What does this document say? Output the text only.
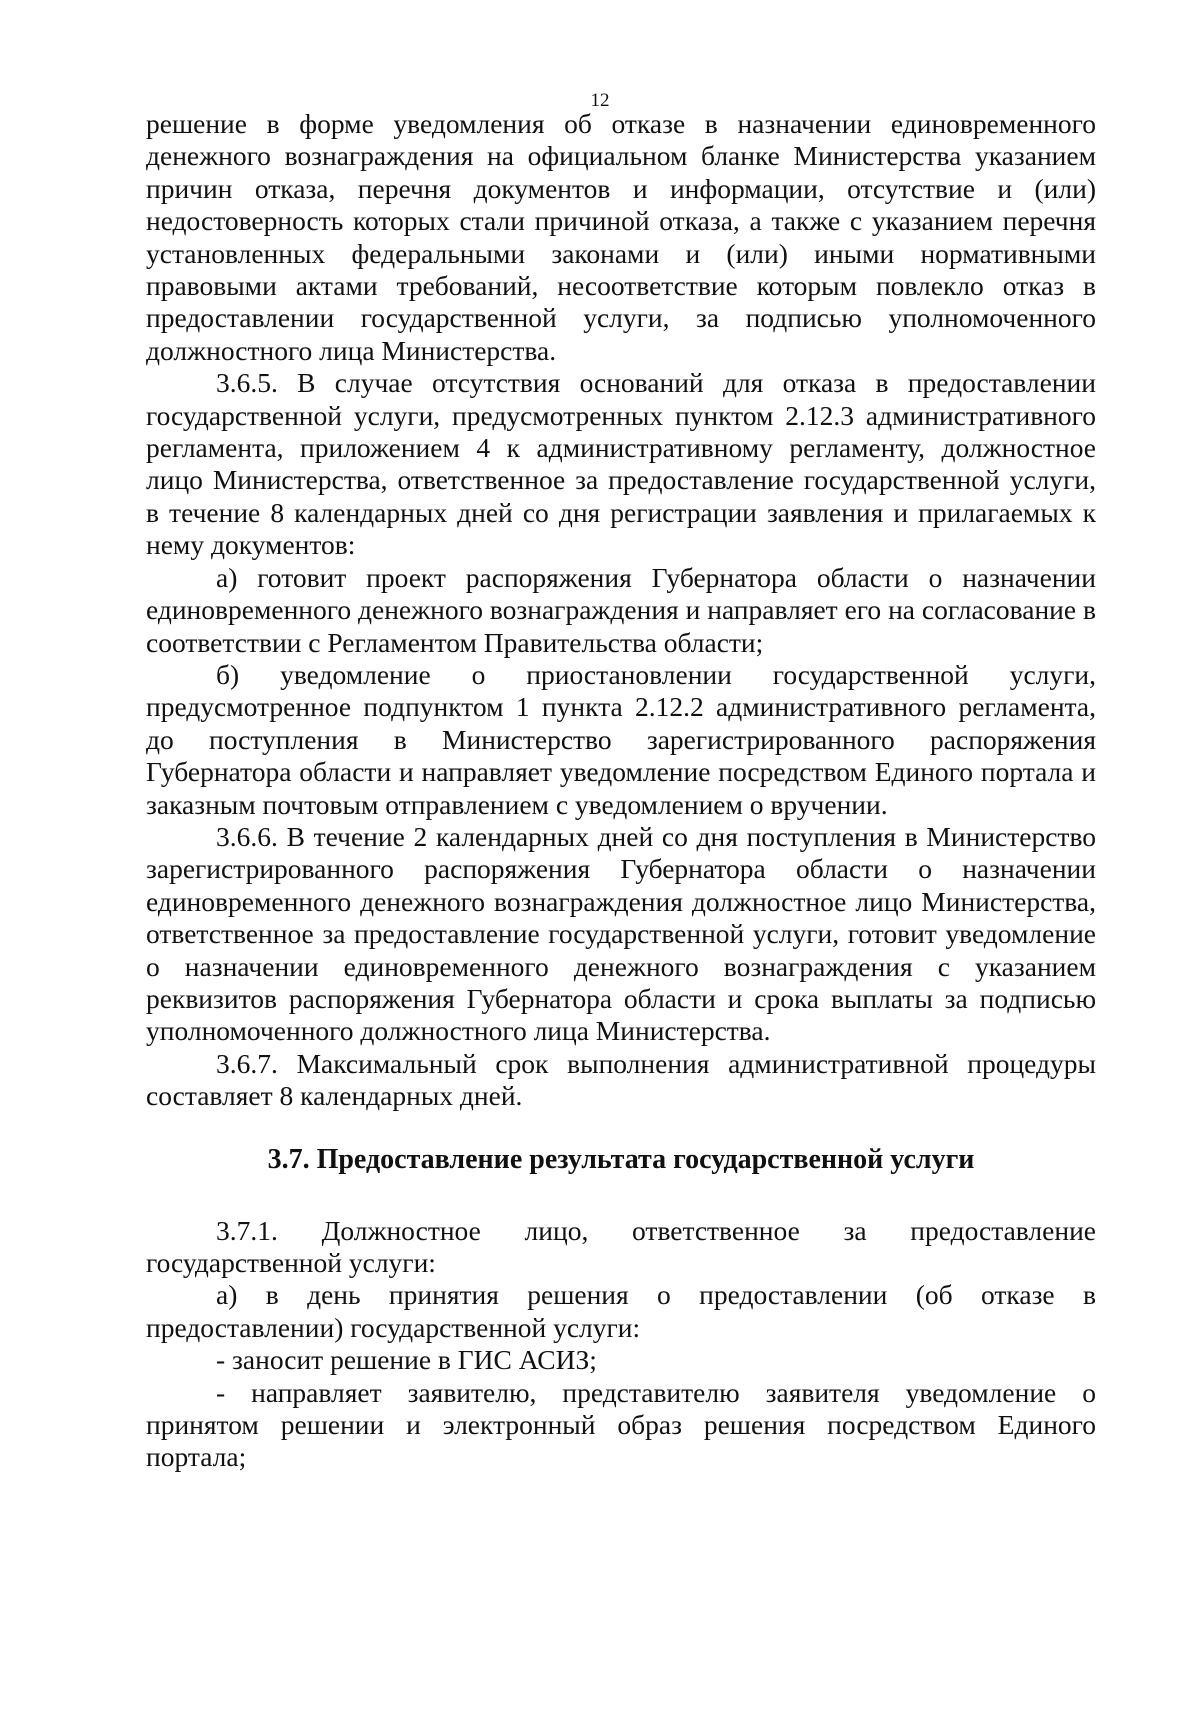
12

решение в форме уведомления об отказе в назначении единовременного денежного вознаграждения на официальном бланке Министерства указанием причин отказа, перечня документов и информации, отсутствие и (или) недостоверность которых стали причиной отказа, а также с указанием перечня установленных федеральными законами и (или) иными нормативными правовыми актами требований, несоответствие которым повлекло отказ в предоставлении государственной услуги, за подписью уполномоченного должностного лица Министерства.

3.6.5. В случае отсутствия оснований для отказа в предоставлении государственной услуги, предусмотренных пунктом 2.12.3 административного регламента, приложением 4 к административному регламенту, должностное лицо Министерства, ответственное за предоставление государственной услуги, в течение 8 календарных дней со дня регистрации заявления и прилагаемых к нему документов:

а) готовит проект распоряжения Губернатора области о назначении единовременного денежного вознаграждения и направляет его на согласование в соответствии с Регламентом Правительства области;

б) уведомление о приостановлении государственной услуги, предусмотренное подпунктом 1 пункта 2.12.2 административного регламента, до поступления в Министерство зарегистрированного распоряжения Губернатора области и направляет уведомление посредством Единого портала и заказным почтовым отправлением с уведомлением о вручении.

3.6.6. В течение 2 календарных дней со дня поступления в Министерство зарегистрированного распоряжения Губернатора области о назначении единовременного денежного вознаграждения должностное лицо Министерства, ответственное за предоставление государственной услуги, готовит уведомление о назначении единовременного денежного вознаграждения с указанием реквизитов распоряжения Губернатора области и срока выплаты за подписью уполномоченного должностного лица Министерства.

3.6.7. Максимальный срок выполнения административной процедуры составляет 8 календарных дней.

3.7. Предоставление результата государственной услуги

3.7.1. Должностное лицо, ответственное за предоставление государственной услуги:

а) в день принятия решения о предоставлении (об отказе в предоставлении) государственной услуги:

- заносит решение в ГИС АСИЗ;

- направляет заявителю, представителю заявителя уведомление о принятом решении и электронный образ решения посредством Единого портала;
